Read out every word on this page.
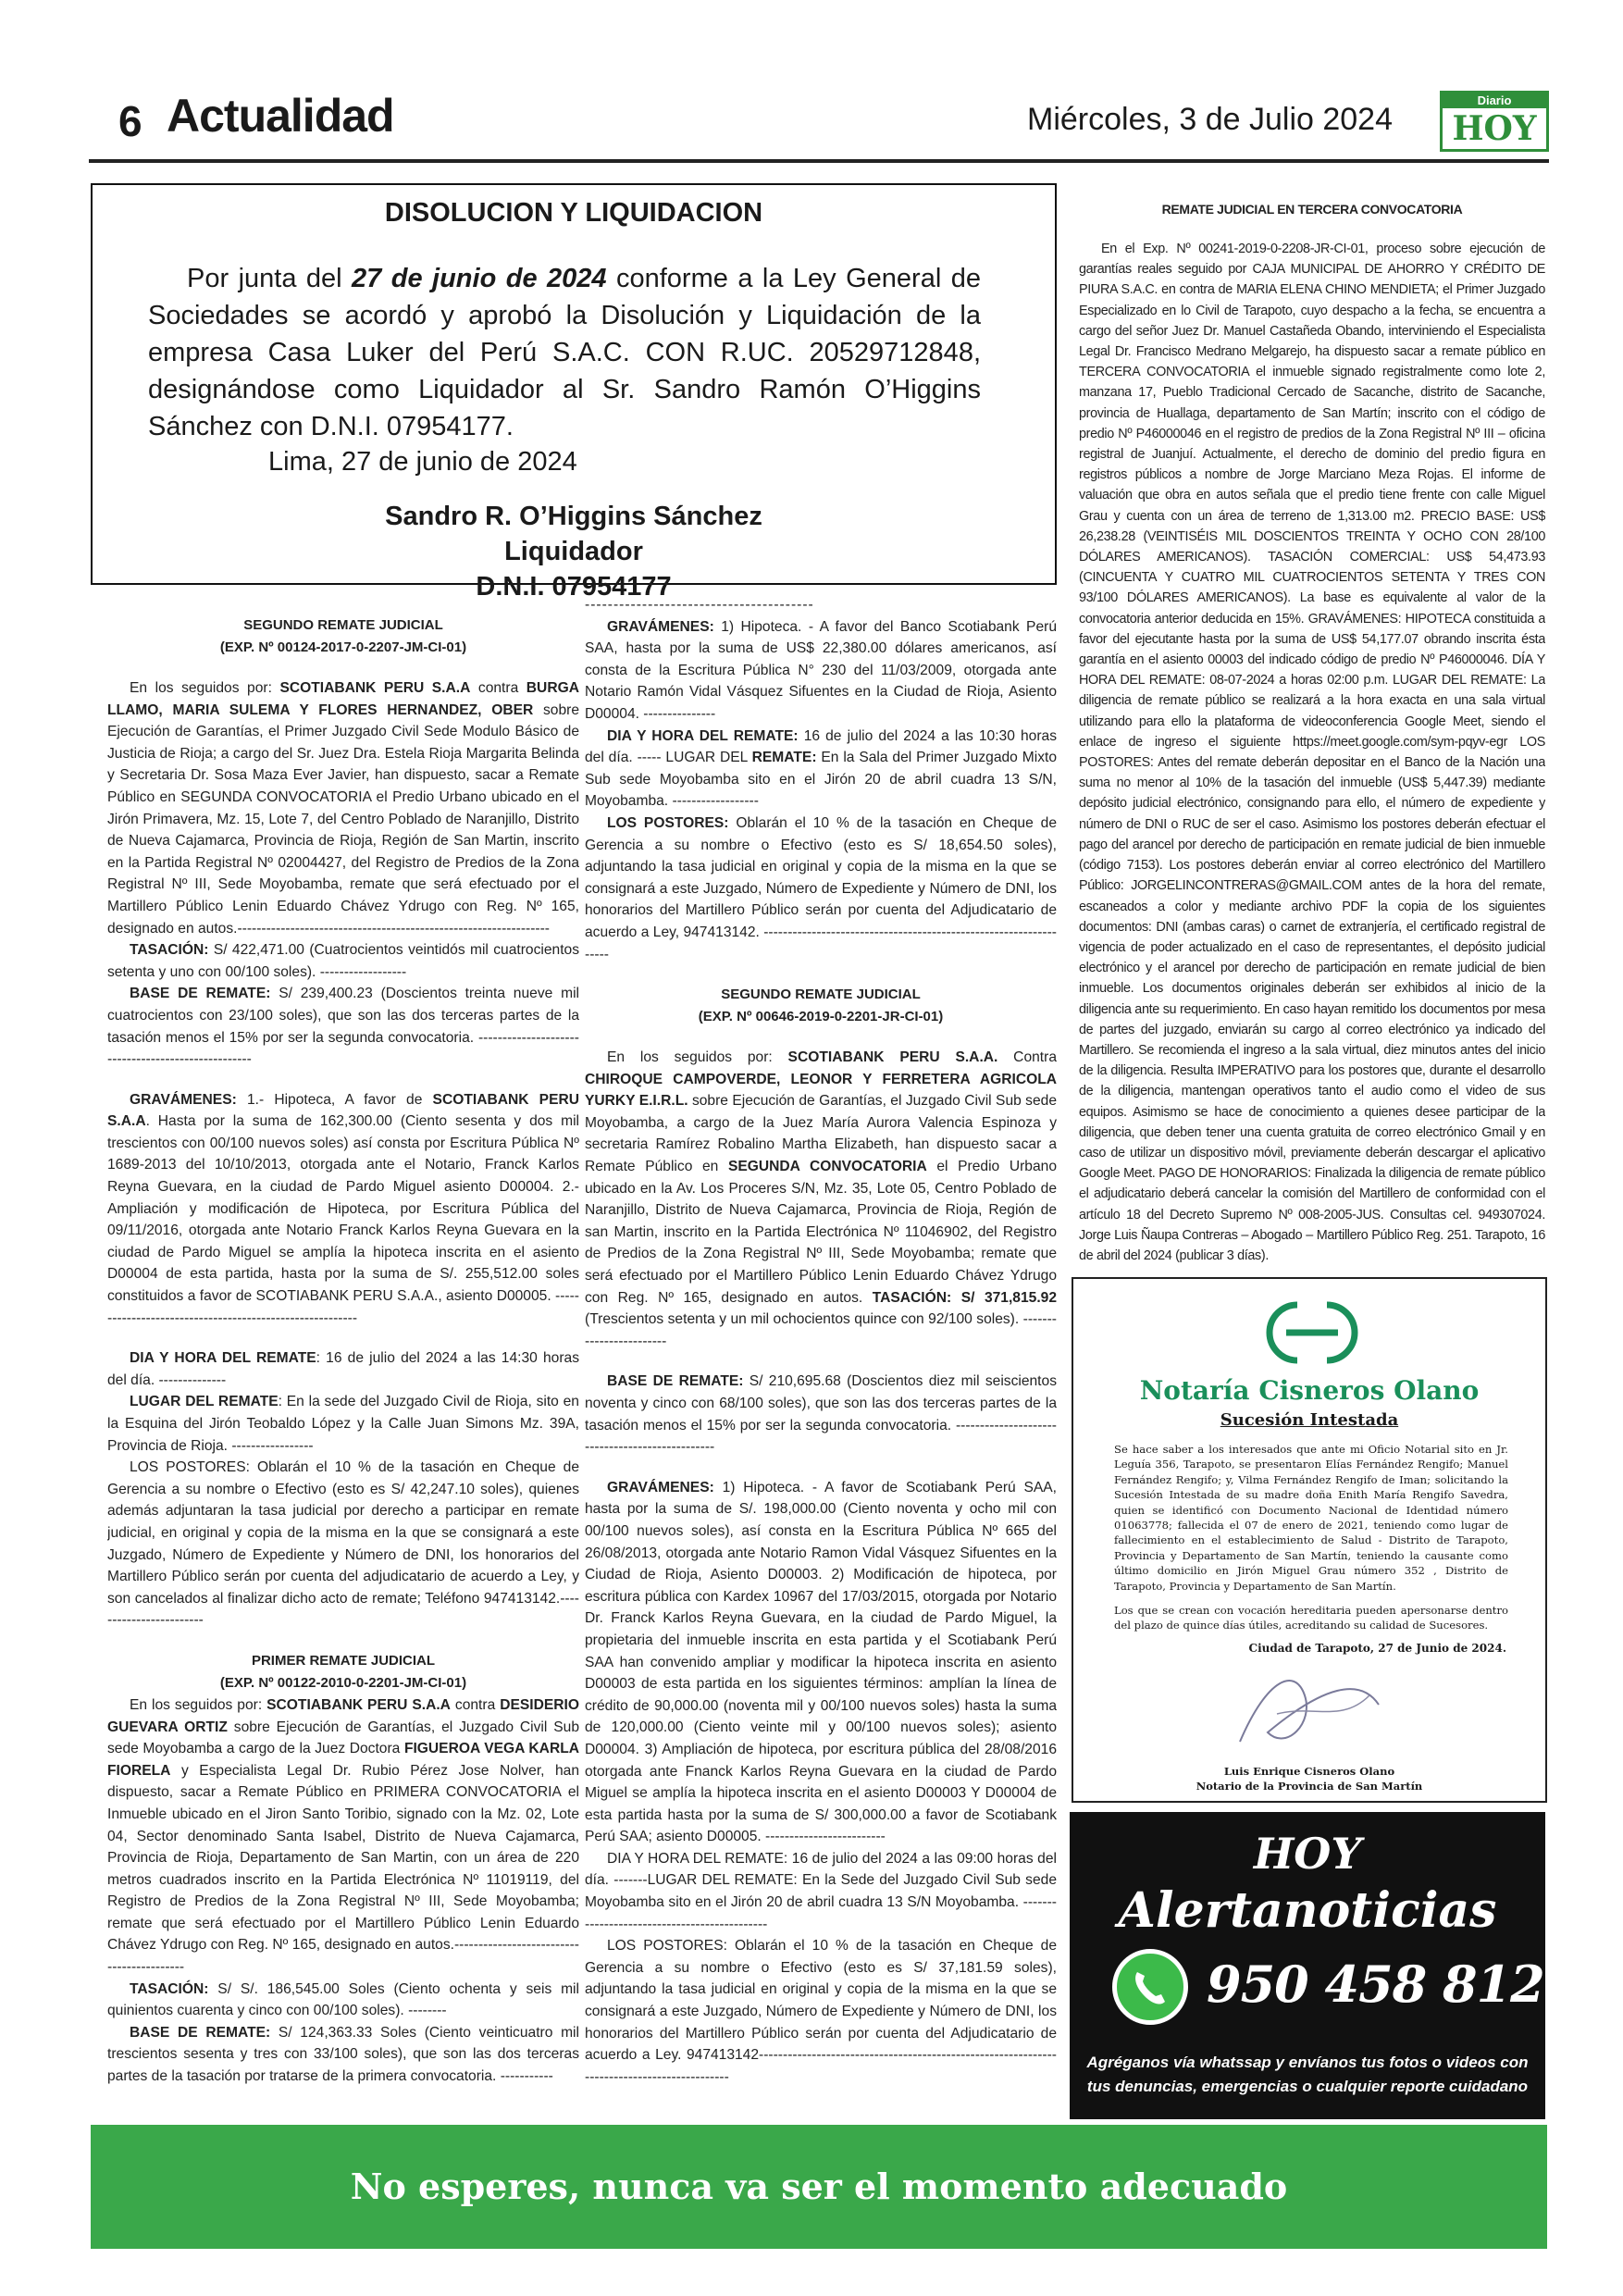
6 Actualidad	Miércoles, 3 de Julio 2024
Diario
HOY
DISOLUCION Y LIQUIDACION

Por junta del 27 de junio de 2024 conforme a la Ley General de Sociedades se acordó y aprobó la Disolución y Liquidación de la empresa Casa Luker del Perú S.A.C. CON R.UC. 20529712848, designándose como Liquidador al Sr. Sandro Ramón O’Higgins Sánchez con D.N.I. 07954177.

Lima, 27 de junio de 2024
Sandro R. O’Higgins Sánchez
Liquidador
D.N.I. 07954177

SEGUNDO REMATE JUDICIAL

(EXP. Nº 00124-2017-0-2207-JM-CI-01)

En los seguidos por: SCOTIABANK PERU S.A.A contra BURGA LLAMO, MARIA SULEMA Y FLORES HERNANDEZ, OBER sobre Ejecución de Garantías, el Primer Juzgado Civil Sede Modulo Básico de Justicia de Rioja; a cargo del Sr. Juez Dra. Estela Rioja Margarita Belinda y Secretaria Dr. Sosa Maza Ever Javier, han dispuesto, sacar a Remate Público en SEGUNDA CONVOCATORIA el Predio Urbano ubicado en el Jirón Primavera, Mz. 15, Lote 7, del Centro Poblado de Naranjillo, Distrito de Nueva Cajamarca, Provincia de Rioja, Región de San Martin, inscrito en la Partida Registral Nº 02004427, del Registro de Predios de la Zona Registral Nº III, Sede Moyobamba, remate que será efectuado por el Martillero Público Lenin Eduardo Chávez Ydrugo con Reg. Nº 165, designado en autos.-----------------------------------------------------------------

TASACIÓN: S/ 422,471.00 (Cuatrocientos veintidós mil cuatrocientos setenta y uno con 00/100 soles). ------------------

BASE DE REMATE: S/ 239,400.23 (Doscientos treinta nueve mil cuatrocientos con 23/100 soles), que son las dos terceras partes de la tasación menos el 15% por ser la segunda convocatoria. ---------------------------------------------------

GRAVÁMENES: 1.- Hipoteca, A favor de SCOTIABANK PERU S.A.A. Hasta por la suma de 162,300.00 (Ciento sesenta y dos mil trescientos con 00/100 nuevos soles) así consta por Escritura Pública Nº 1689-2013 del 10/10/2013, otorgada ante el Notario, Franck Karlos Reyna Guevara, en la ciudad de Pardo Miguel asiento D00004. 2.- Ampliación y modificación de Hipoteca, por Escritura Pública del 09/11/2016, otorgada ante Notario Franck Karlos Reyna Guevara en la ciudad de Pardo Miguel se amplía la hipoteca inscrita en el asiento D00004 de esta partida, hasta por la suma de S/. 255,512.00 soles constituidos a favor de SCOTIABANK PERU S.A.A., asiento D00005. ---------------------------------------------------------

DIA Y HORA DEL REMATE: 16 de julio del 2024 a las 14:30 horas del día. --------------

LUGAR DEL REMATE: En la sede del Juzgado Civil de Rioja, sito en la Esquina del Jirón Teobaldo López y la Calle Juan Simons Mz. 39A, Provincia de Rioja. -----------------

LOS POSTORES: Oblarán el 10 % de la tasación en Cheque de Gerencia a su nombre o Efectivo (esto es S/ 42,247.10 soles), quienes además adjuntaran la tasa judicial por derecho a participar en remate judicial, en original y copia de la misma en la que se consignará a este Juzgado, Número de Expediente y Número de DNI, los honorarios del Martillero Público serán por cuenta del adjudicatario de acuerdo a Ley, y son cancelados al finalizar dicho acto de remate; Teléfono 947413142.------------------------

PRIMER REMATE JUDICIAL

(EXP. Nº 00122-2010-0-2201-JM-CI-01)

En los seguidos por: SCOTIABANK PERU S.A.A contra DESIDERIO GUEVARA ORTIZ sobre Ejecución de Garantías, el Juzgado Civil Sub sede Moyobamba a cargo de la Juez Doctora FIGUEROA VEGA KARLA FIORELA y Especialista Legal Dr. Rubio Pérez Jose Nolver, han dispuesto, sacar a Remate Público en PRIMERA CONVOCATORIA el Inmueble ubicado en el Jiron Santo Toribio, signado con la Mz. 02, Lote 04, Sector denominado Santa Isabel, Distrito de Nueva Cajamarca, Provincia de Rioja, Departamento de San Martin, con un área de 220 metros cuadrados inscrito en la Partida Electrónica Nº 11019119, del Registro de Predios de la Zona Registral Nº III, Sede Moyobamba; remate que será efectuado por el Martillero Público Lenin Eduardo Chávez Ydrugo con Reg. Nº 165, designado en autos.------------------------------------------

TASACIÓN: S/ S/. 186,545.00 Soles (Ciento ochenta y seis mil quinientos cuarenta y cinco con 00/100 soles). --------

BASE DE REMATE: S/ 124,363.33 Soles (Ciento veinticuatro mil trescientos sesenta y tres con 33/100 soles), que son las dos terceras partes de la tasación por tratarse de la primera convocatoria. -----------

----------------------------------------

GRAVÁMENES: 1) Hipoteca. - A favor del Banco Scotiabank Perú SAA, hasta por la suma de US$ 22,380.00 dólares americanos, así consta de la Escritura Pública N° 230 del 11/03/2009, otorgada ante Notario Ramón Vidal Vásquez Sifuentes en la Ciudad de Rioja, Asiento D00004. ---------------

DIA Y HORA DEL REMATE: 16 de julio del 2024 a las 10:30 horas del día. ----- LUGAR DEL REMATE: En la Sala del Primer Juzgado Mixto Sub sede Moyobamba sito en el Jirón 20 de abril cuadra 13 S/N, Moyobamba. ------------------

LOS POSTORES: Oblarán el 10 % de la tasación en Cheque de Gerencia a su nombre o Efectivo (esto es S/ 18,654.50 soles), adjuntando la tasa judicial en original y copia de la misma en la que se consignará a este Juzgado, Número de Expediente y Número de DNI, los honorarios del Martillero Público serán por cuenta del Adjudicatario de acuerdo a Ley, 947413142. ------------------------------------------------------------------

SEGUNDO REMATE JUDICIAL

(EXP. Nº 00646-2019-0-2201-JR-CI-01)

En los seguidos por: SCOTIABANK PERU S.A.A. Contra CHIROQUE CAMPOVERDE, LEONOR Y FERRETERA AGRICOLA YURKY E.I.R.L. sobre Ejecución de Garantías, el Juzgado Civil Sub sede Moyobamba, a cargo de la Juez María Aurora Valencia Espinoza y secretaria Ramírez Robalino Martha Elizabeth, han dispuesto sacar a Remate Público en SEGUNDA CONVOCATORIA el Predio Urbano ubicado en la Av. Los Proceres S/N, Mz. 35, Lote 05, Centro Poblado de Naranjillo, Distrito de Nueva Cajamarca, Provincia de Rioja, Región de san Martin, inscrito en la Partida Electrónica Nº 11046902, del Registro de Predios de la Zona Registral Nº III, Sede Moyobamba; remate que será efectuado por el Martillero Público Lenin Eduardo Chávez Ydrugo con Reg. Nº 165, designado en autos. TASACIÓN: S/ 371,815.92 (Trescientos setenta y un mil ochocientos quince con 92/100 soles). ------------------------

BASE DE REMATE: S/ 210,695.68 (Doscientos diez mil seiscientos noventa y cinco con 68/100 soles), que son las dos terceras partes de la tasación menos el 15% por ser la segunda convocatoria. ------------------------------------------------

GRAVÁMENES: 1) Hipoteca. - A favor de Scotiabank Perú SAA, hasta por la suma de S/. 198,000.00 (Ciento noventa y ocho mil con 00/100 nuevos soles), así consta en la Escritura Pública Nº 665 del 26/08/2013, otorgada ante Notario Ramon Vidal Vásquez Sifuentes en la Ciudad de Rioja, Asiento D00003. 2) Modificación de hipoteca, por escritura pública con Kardex 10967 del 17/03/2015, otorgada por Notario Dr. Franck Karlos Reyna Guevara, en la ciudad de Pardo Miguel, la propietaria del inmueble inscrita en esta partida y el Scotiabank Perú SAA han convenido ampliar y modificar la hipoteca inscrita en asiento D00003 de esta partida en los siguientes términos: amplían la línea de crédito de 90,000.00 (noventa mil y 00/100 nuevos soles) hasta la suma de 120,000.00 (Ciento veinte mil y 00/100 nuevos soles); asiento D00004. 3) Ampliación de hipoteca, por escritura pública del 28/08/2016 otorgada ante Fnanck Karlos Reyna Guevara en la ciudad de Pardo Miguel se amplía la hipoteca inscrita en el asiento D00003 Y D00004 de esta partida hasta por la suma de S/ 300,000.00 a favor de Scotiabank Perú SAA; asiento D00005. -------------------------

DIA Y HORA DEL REMATE: 16 de julio del 2024 a las 09:00 horas del día. -------LUGAR DEL REMATE: En la Sede del Juzgado Civil Sub sede Moyobamba sito en el Jirón 20 de abril cuadra 13 S/N Moyobamba. ---------------------------------------------

LOS POSTORES: Oblarán el 10 % de la tasación en Cheque de Gerencia a su nombre o Efectivo (esto es S/ 37,181.59 soles), adjuntando la tasa judicial en original y copia de la misma en la que se consignará a este Juzgado, Número de Expediente y Número de DNI, los honorarios del Martillero Público serán por cuenta del Adjudicatario de acuerdo a Ley. 947413142--------------------------------------------------------------------------------------------

REMATE JUDICIAL EN TERCERA CONVOCATORIA

En el Exp. Nº 00241-2019-0-2208-JR-CI-01, proceso sobre ejecución de garantías reales seguido por CAJA MUNICIPAL DE AHORRO Y CRÉDITO DE PIURA S.A.C. en contra de MARIA ELENA CHINO MENDIETA; el Primer Juzgado Especializado en lo Civil de Tarapoto, cuyo despacho a la fecha, se encuentra a cargo del señor Juez Dr. Manuel Castañeda Obando, interviniendo el Especialista Legal Dr. Francisco Medrano Melgarejo, ha dispuesto sacar a remate público en TERCERA CONVOCATORIA el inmueble signado registralmente como lote 2, manzana 17, Pueblo Tradicional Cercado de Sacanche, distrito de Sacanche, provincia de Huallaga, departamento de San Martín; inscrito con el código de predio Nº P46000046 en el registro de predios de la Zona Registral Nº III – oficina registral de Juanjuí. Actualmente, el derecho de dominio del predio figura en registros públicos a nombre de Jorge Marciano Meza Rojas. El informe de valuación que obra en autos señala que el predio tiene frente con calle Miguel Grau y cuenta con un área de terreno de 1,313.00 m2. PRECIO BASE: US$ 26,238.28 (VEINTISÉIS MIL DOSCIENTOS TREINTA Y OCHO CON 28/100 DÓLARES AMERICANOS). TASACIÓN COMERCIAL: US$ 54,473.93 (CINCUENTA Y CUATRO MIL CUATROCIENTOS SETENTA Y TRES CON 93/100 DÓLARES AMERICANOS). La base es equivalente al valor de la convocatoria anterior deducida en 15%. GRAVÁMENES: HIPOTECA constituida a favor del ejecutante hasta por la suma de US$ 54,177.07 obrando inscrita ésta garantía en el asiento 00003 del indicado código de predio Nº P46000046. DÍA Y HORA DEL REMATE: 08-07-2024 a horas 02:00 p.m. LUGAR DEL REMATE: La diligencia de remate público se realizará a la hora exacta en una sala virtual utilizando para ello la plataforma de videoconferencia Google Meet, siendo el enlace de ingreso el siguiente https://meet.google.com/sym-pqyv-egr LOS POSTORES: Antes del remate deberán depositar en el Banco de la Nación una suma no menor al 10% de la tasación del inmueble (US$ 5,447.39) mediante depósito judicial electrónico, consignando para ello, el número de expediente y número de DNI o RUC de ser el caso. Asimismo los postores deberán efectuar el pago del arancel por derecho de participación en remate judicial de bien inmueble (código 7153). Los postores deberán enviar al correo electrónico del Martillero Público: JORGELINCONTRERAS@GMAIL.COM antes de la hora del remate, escaneados a color y mediante archivo PDF la copia de los siguientes documentos: DNI (ambas caras) o carnet de extranjería, el certificado registral de vigencia de poder actualizado en el caso de representantes, el depósito judicial electrónico y el arancel por derecho de participación en remate judicial de bien inmueble. Los documentos originales deberán ser exhibidos al inicio de la diligencia ante su requerimiento. En caso hayan remitido los documentos por mesa de partes del juzgado, enviarán su cargo al correo electrónico ya indicado del Martillero. Se recomienda el ingreso a la sala virtual, diez minutos antes del inicio de la diligencia. Resulta IMPERATIVO para los postores que, durante el desarrollo de la diligencia, mantengan operativos tanto el audio como el video de sus equipos. Asimismo se hace de conocimiento a quienes desee participar de la diligencia, que deben tener una cuenta gratuita de correo electrónico Gmail y en caso de utilizar un dispositivo móvil, previamente deberán descargar el aplicativo Google Meet. PAGO DE HONORARIOS: Finalizada la diligencia de remate público el adjudicatario deberá cancelar la comisión del Martillero de conformidad con el artículo 18 del Decreto Supremo Nº 008-2005-JUS. Consultas cel. 949307024. Jorge Luis Ñaupa Contreras – Abogado – Martillero Público Reg. 251. Tarapoto, 16 de abril del 2024 (publicar 3 días).

Notaría Cisneros Olano
Sucesión Intestada

Se hace saber a los interesados que ante mi Oficio Notarial sito en Jr. Leguía 356, Tarapoto, se presentaron Elías Fernández Rengifo; Manuel Fernández Rengifo; y, Vilma Fernández Rengifo de Iman; solicitando la Sucesión Intestada de su madre doña Enith María Rengifo Savedra, quien se identificó con Documento Nacional de Identidad número 01063778; fallecida el 07 de enero de 2021, teniendo como lugar de fallecimiento en el establecimiento de Salud - Distrito de Tarapoto, Provincia y Departamento de San Martín, teniendo la causante como último domicilio en Jirón Miguel Grau número 352 , Distrito de Tarapoto, Provincia y Departamento de San Martín.

Los que se crean con vocación hereditaria pueden apersonarse dentro del plazo de quince días útiles, acreditando su calidad de Sucesores.

Ciudad de Tarapoto, 27 de Junio de 2024.
Luis Enrique Cisneros Olano
Notario de la Provincia de San Martín
HOY
Alertanoticias
950 458 812
Agréganos vía whatssap y envíanos tus fotos o videos con tus denuncias, emergencias o cualquier reporte cuidadano
No esperes, nunca va ser el momento adecuado
